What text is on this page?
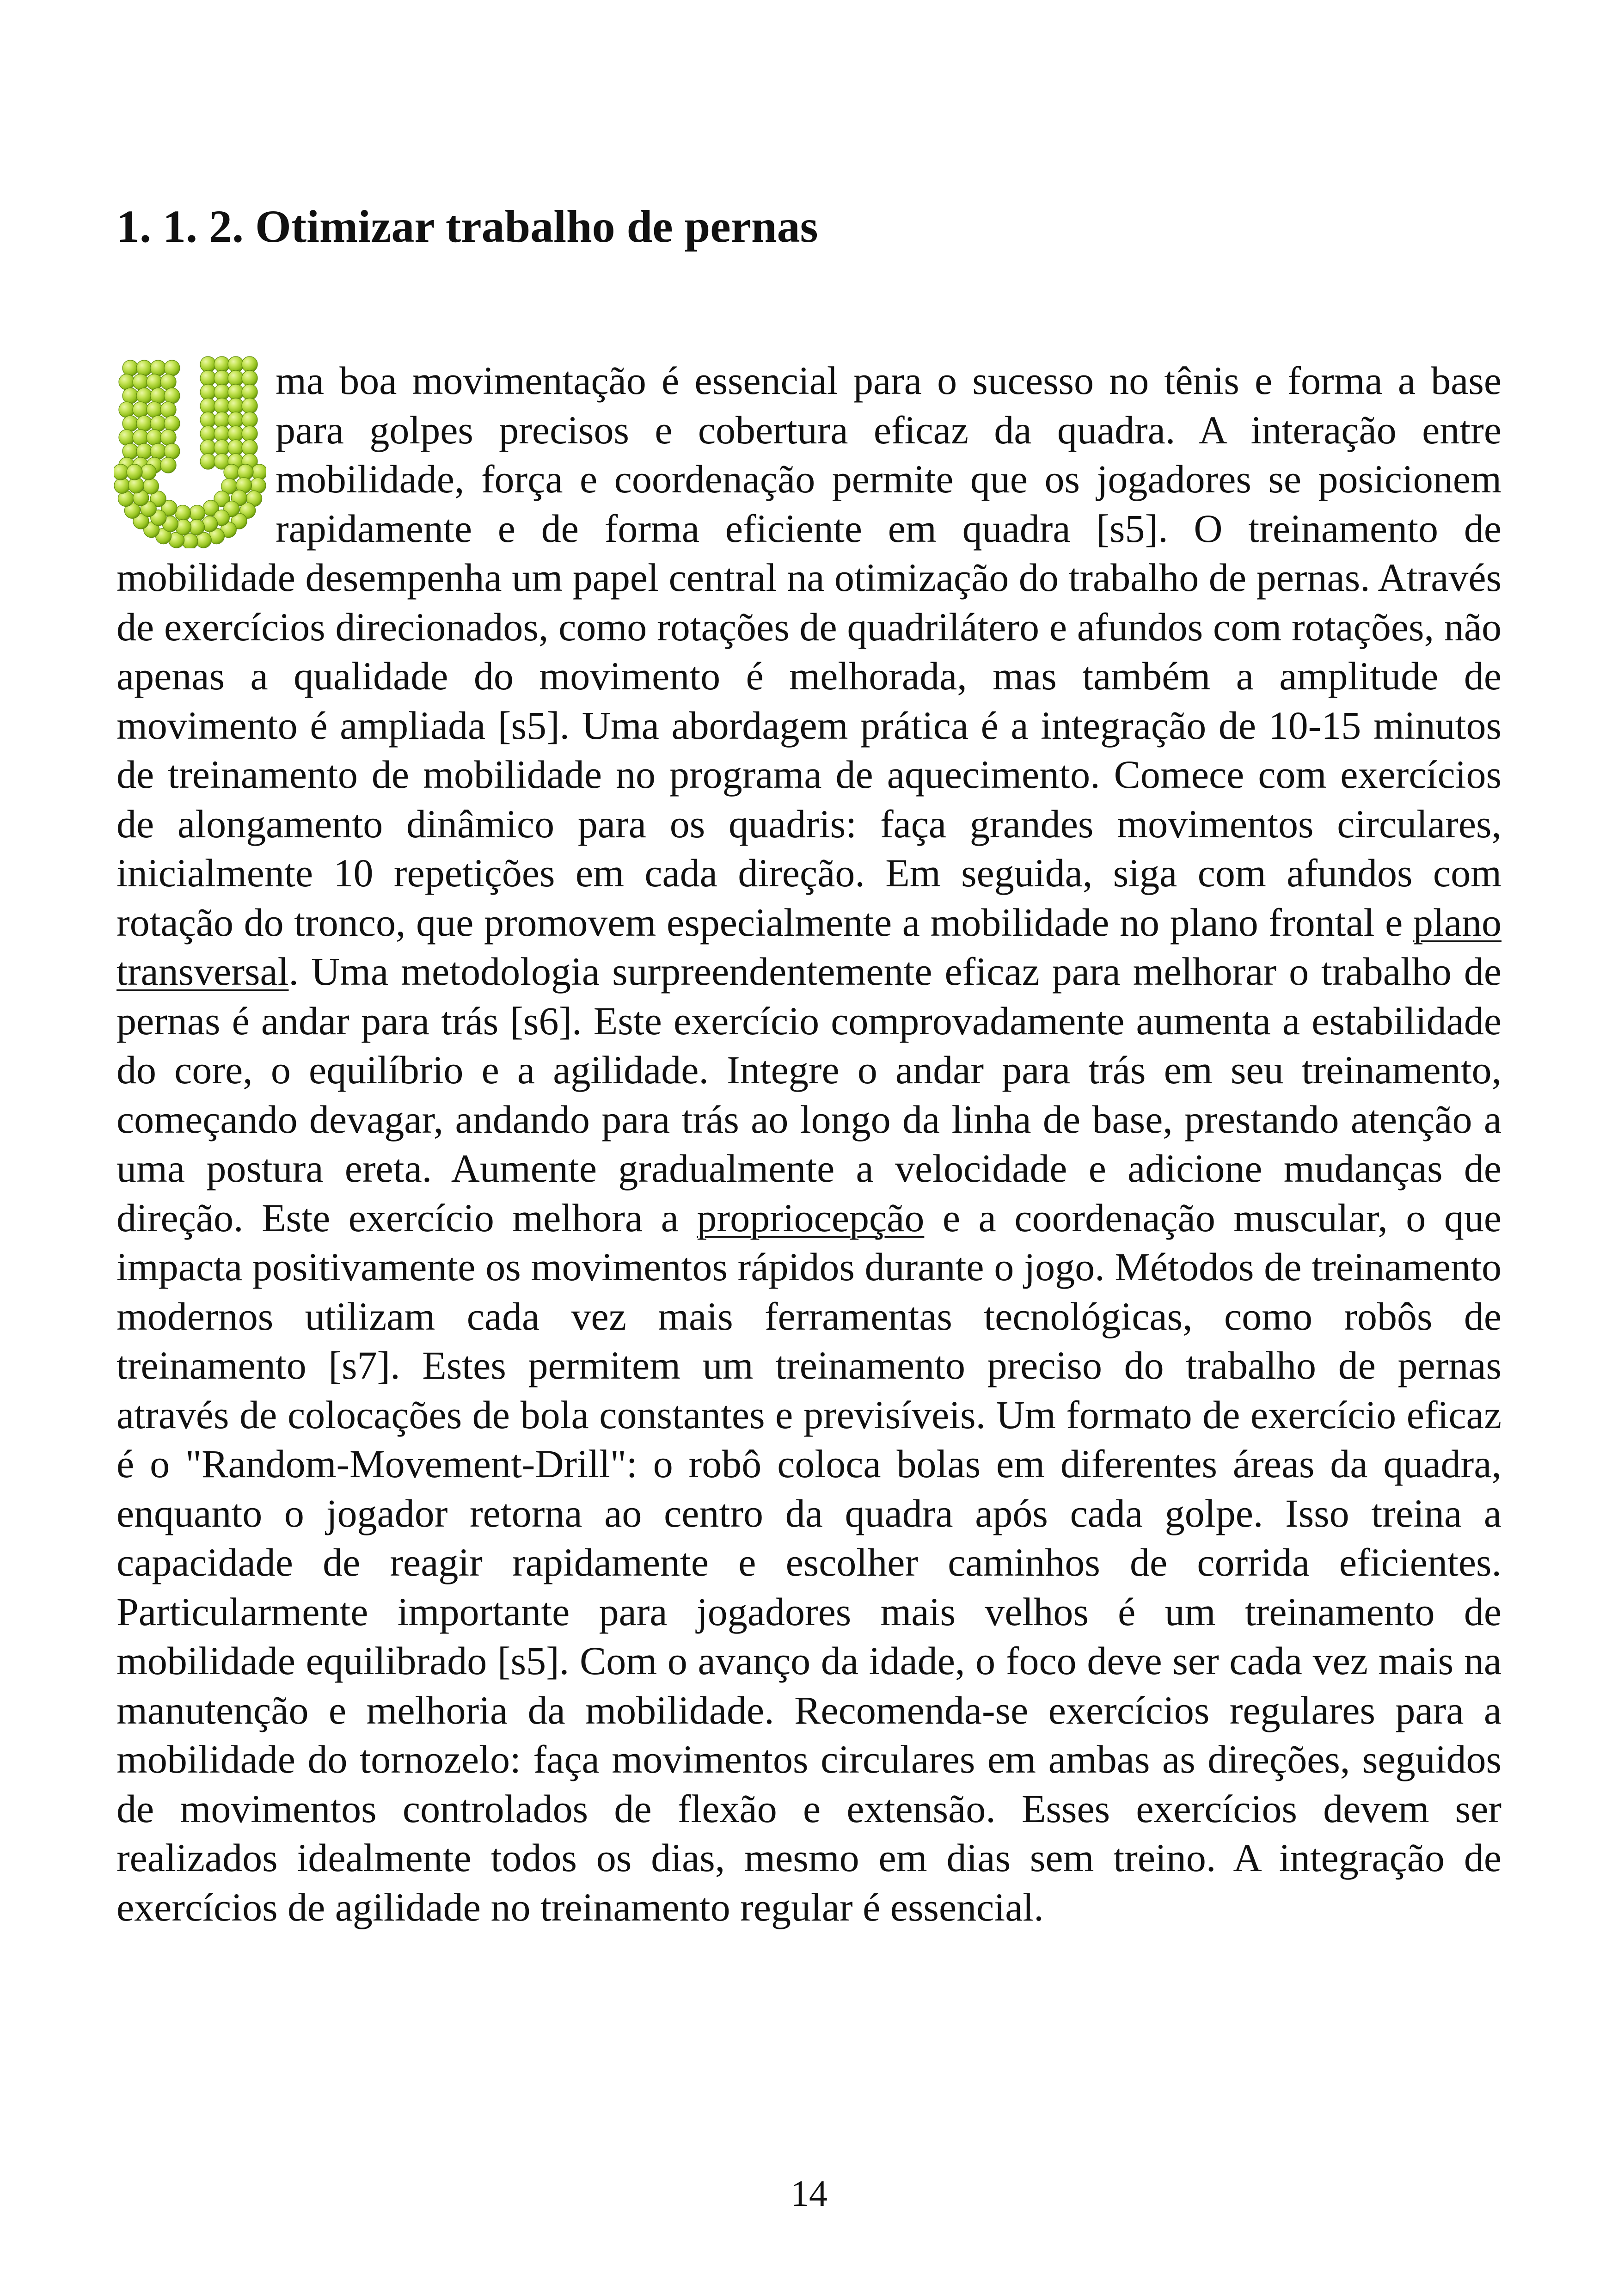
1. 1. 2. Otimizar trabalho de pernas

ma boa movimentação é essencial para o sucesso no tênis e forma a base para golpes precisos e cobertura eficaz da quadra. A interação entre mobilidade, força e coordenação permite que os jogadores se posicionem rapidamente e de forma eficiente em quadra [s5]. O treinamento de mobilidade desempenha um papel central na otimização do trabalho de pernas. Através de exercícios direcionados, como rotações de quadrilátero e afundos com rotações, não apenas a qualidade do movimento é melhorada, mas também a amplitude de movimento é ampliada [s5]. Uma abordagem prática é a integração de 10-15 minutos de treinamento de mobilidade no programa de aquecimento. Comece com exercícios de alongamento dinâmico para os quadris: faça grandes movimentos circulares, inicialmente 10 repetições em cada direção. Em seguida, siga com afundos com rotação do tronco, que promovem especialmente a mobilidade no plano frontal e plano transversal. Uma metodologia surpreendentemente eficaz para melhorar o trabalho de pernas é andar para trás [s6]. Este exercício comprovadamente aumenta a estabilidade do core, o equilíbrio e a agilidade. Integre o andar para trás em seu treinamento, começando devagar, andando para trás ao longo da linha de base, prestando atenção a uma postura ereta. Aumente gradualmente a velocidade e adicione mudanças de direção. Este exercício melhora a propriocepção e a coordenação muscular, o que impacta positivamente os movimentos rápidos durante o jogo. Métodos de treinamento modernos utilizam cada vez mais ferramentas tecnológicas, como robôs de treinamento [s7]. Estes permitem um treinamento preciso do trabalho de pernas através de colocações de bola constantes e previsíveis. Um formato de exercício eficaz é o "Random-Movement-Drill": o robô coloca bolas em diferentes áreas da quadra, enquanto o jogador retorna ao centro da quadra após cada golpe. Isso treina a capacidade de reagir rapidamente e escolher caminhos de corrida eficientes. Particularmente importante para jogadores mais velhos é um treinamento de mobilidade equilibrado [s5]. Com o avanço da idade, o foco deve ser cada vez mais na manutenção e melhoria da mobilidade. Recomenda-se exercícios regulares para a mobilidade do tornozelo: faça movimentos circulares em ambas as direções, seguidos de movimentos controlados de flexão e extensão. Esses exercícios devem ser realizados idealmente todos os dias, mesmo em dias sem treino. A integração de exercícios de agilidade no treinamento regular é essencial.

14
